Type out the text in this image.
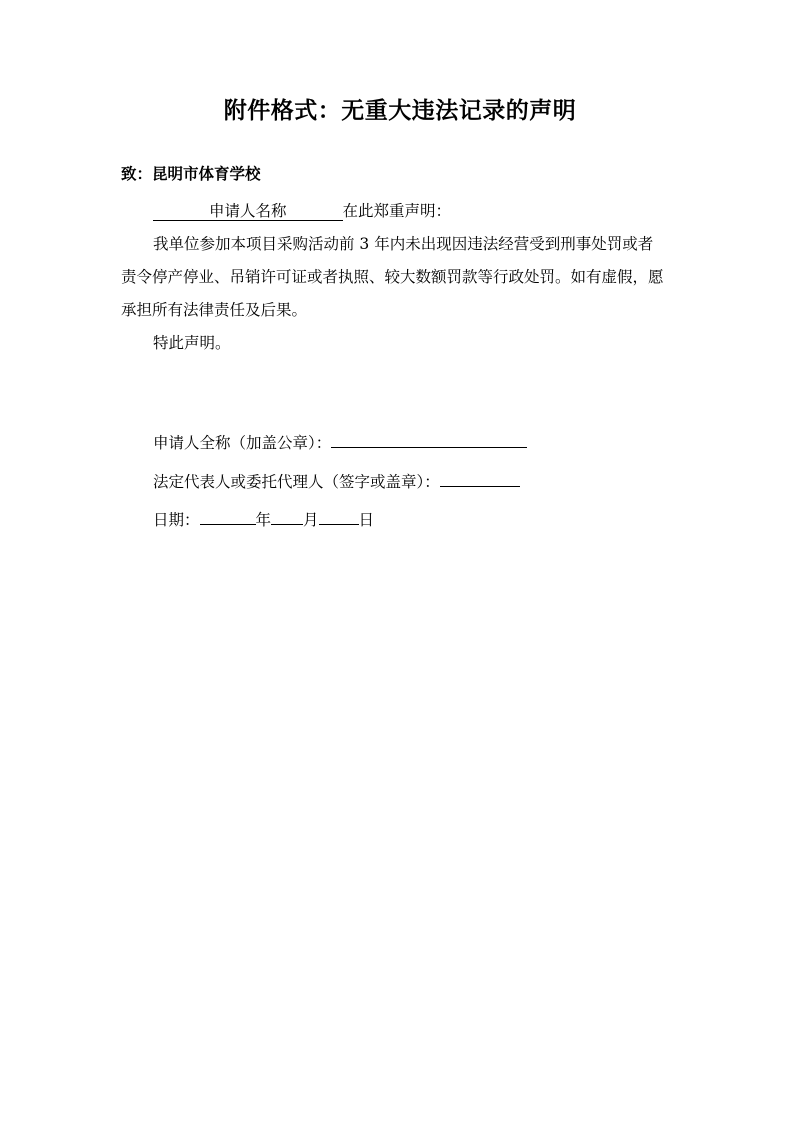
附件格式：无重大违法记录的声明
致：昆明市体育学校
申请人名称	在此郑重声明：
我单位参加本项目采购活动前 3 年内未出现因违法经营受到刑事处罚或者
责令停产停业、吊销许可证或者执照、较大数额罚款等行政处罚。如有虚假，愿
承担所有法律责任及后果。
特此声明。
申请人全称（加盖公章）：
法定代表人或委托代理人（签字或盖章）：
日期：	年 月	日
